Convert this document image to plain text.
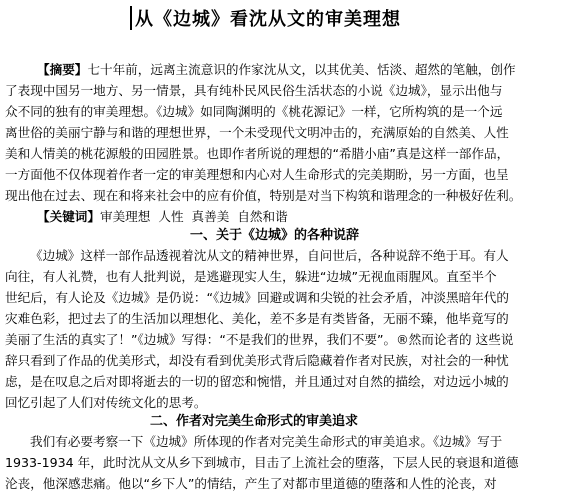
从《边城》看沈从文的审美理想
【摘要】七十年前，远离主流意识的作家沈从文，以其优美、恬淡、超然的笔触，创作
了表现中国另一地方、另一情景，具有纯朴民风民俗生活状态的小说《边城》，显示出他与
众不同的独有的审美理想。《边城》如同陶渊明的《桃花源记》一样，它所构筑的是一个远
离世俗的美丽宁静与和谐的理想世界，一个未受现代文明冲击的，充满原始的自然美、人性
美和人情美的桃花源般的田园胜景。也即作者所说的理想的“希腊小庙”真是这样一部作品，
一方面他不仅体现着作者一定的审美理想和内心对人生命形式的完美期盼，另一方面，也呈
现出他在过去、现在和将来社会中的应有价值，特别是对当下构筑和谐理念的一种极好佐利。
【关键词】审美理想  人性  真善美  自然和谐
一、关于《边城》的各种说辞
《边城》这样一部作品透视着沈从文的精神世界，自问世后，各种说辞不绝于耳。有人
向往，有人礼赞，也有人批判说，是逃避现实人生，躲进“边城”无视血雨腥风。直至半个
世纪后，有人论及《边城》是仍说：“《边城》回避或调和尖锐的社会矛盾，冲淡黑暗年代的
灾难色彩，把过去了的生活加以理想化、美化，差不多是有类皆备，无丽不臻，他毕竟写的
美丽了生活的真实了！”《边城》写得：“不是我们的世界，我们不要”。®然而论者的 这些说
辞只看到了作品的优美形式，却没有看到优美形式背后隐藏着作者对民族，对社会的一种忧
虑，是在叹息之后对即将逝去的一切的留恋和惋惜，并且通过对自然的描绘，对边远小城的
回忆引起了人们对传统文化的思考。
二、作者对完美生命形式的审美追求
我们有必要考察一下《边城》所体现的作者对完美生命形式的审美追求。《边城》写于
1933-1934 年，此时沈从文从乡下到城市，目击了上流社会的堕落，下层人民的衰退和道德
沦丧，他深感悲痛。他以“乡下人”的情结，产生了对都市里道德的堕落和人性的沦丧，对
